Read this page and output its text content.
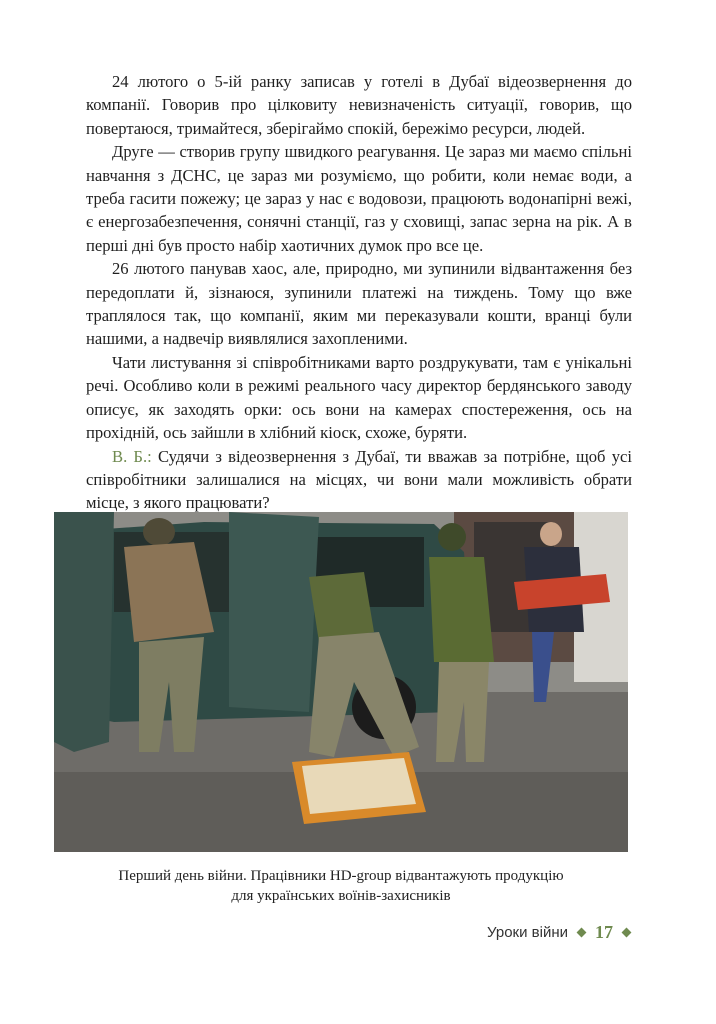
24 лютого о 5-ій ранку записав у готелі в Дубаї відеозвернення до компанії. Говорив про цілковиту невизначеність ситуації, говорив, що повертаюся, тримайтеся, зберігаймо спокій, бережімо ресурси, людей.

Друге — створив групу швидкого реагування. Це зараз ми маємо спільні навчання з ДСНС, це зараз ми розуміємо, що робити, коли немає води, а треба гасити пожежу; це зараз у нас є водовози, працюють водонапірні вежі, є енергозабезпечення, сонячні станції, газ у сховищі, запас зерна на рік. А в перші дні був просто набір хаотичних думок про все це.

26 лютого панував хаос, але, природно, ми зупинили відвантаження без передоплати й, зізнаюся, зупинили платежі на тиждень. Тому що вже траплялося так, що компанії, яким ми переказували кошти, вранці були нашими, а надвечір виявлялися захопленими.

Чати листування зі співробітниками варто роздрукувати, там є унікальні речі. Особливо коли в режимі реального часу директор бердянського заводу описує, як заходять орки: ось вони на камерах спостереження, ось на прохідній, ось зайшли в хлібний кіоск, схоже, буряти.

В. Б.: Судячи з відеозвернення з Дубаї, ти вважав за потрібне, щоб усі співробітники залишалися на місцях, чи вони мали можливість обрати місце, з якого працювати?

Перший день війни. Працівники HD-group відвантажують продукцію
для українських воїнів-захисників
Уроки війни 17
